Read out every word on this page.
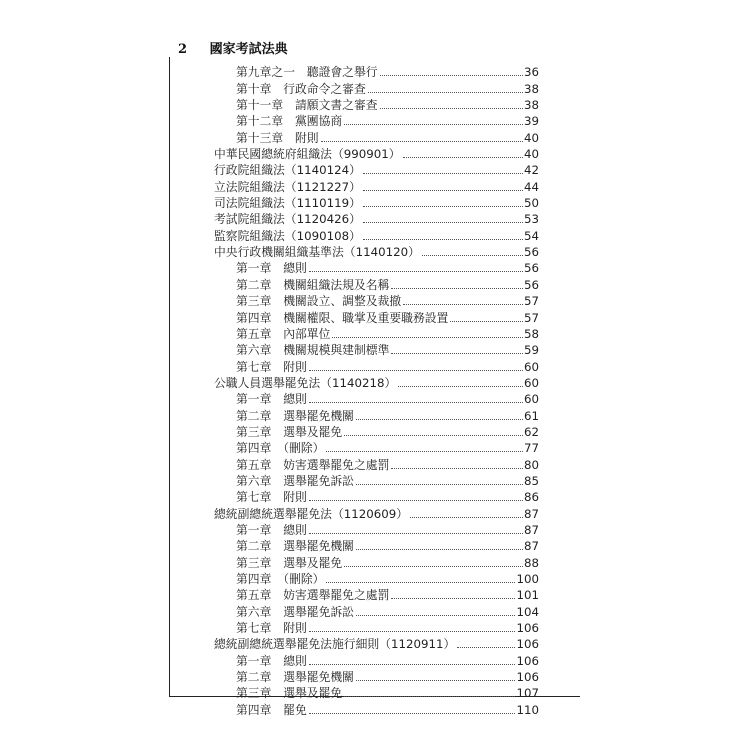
2 國家考試法典
第九章之一　聽證會之舉行	36
第十章　行政命令之審查	38
第十一章　請願文書之審查	38
第十二章　黨團協商	39
第十三章　附則	40
中華民國總統府組織法（990901）	40
行政院組織法（1140124）	42
立法院組織法（1121227）	44
司法院組織法（1110119）	50
考試院組織法（1120426）	53
監察院組織法（1090108）	54
中央行政機關組織基準法（1140120）	56
第一章　總則	56
第二章　機關組織法規及名稱	56
第三章　機關設立、調整及裁撤	57
第四章　機關權限、職掌及重要職務設置	57
第五章　內部單位	58
第六章　機關規模與建制標準	59
第七章　附則	60
公職人員選舉罷免法（1140218）	60
第一章　總則	60
第二章　選舉罷免機關	61
第三章　選舉及罷免	62
第四章　（刪除）	77
第五章　妨害選舉罷免之處罰	80
第六章　選舉罷免訴訟	85
第七章　附則	86
總統副總統選舉罷免法（1120609）	87
第一章　總則	87
第二章　選舉罷免機關	87
第三章　選舉及罷免	88
第四章　（刪除）	100
第五章　妨害選舉罷免之處罰	101
第六章　選舉罷免訴訟	104
第七章　附則	106
總統副總統選舉罷免法施行細則（1120911）	106
第一章　總則	106
第二章　選舉罷免機關	106
第三章　選舉及罷免	107
第四章　罷免	110
